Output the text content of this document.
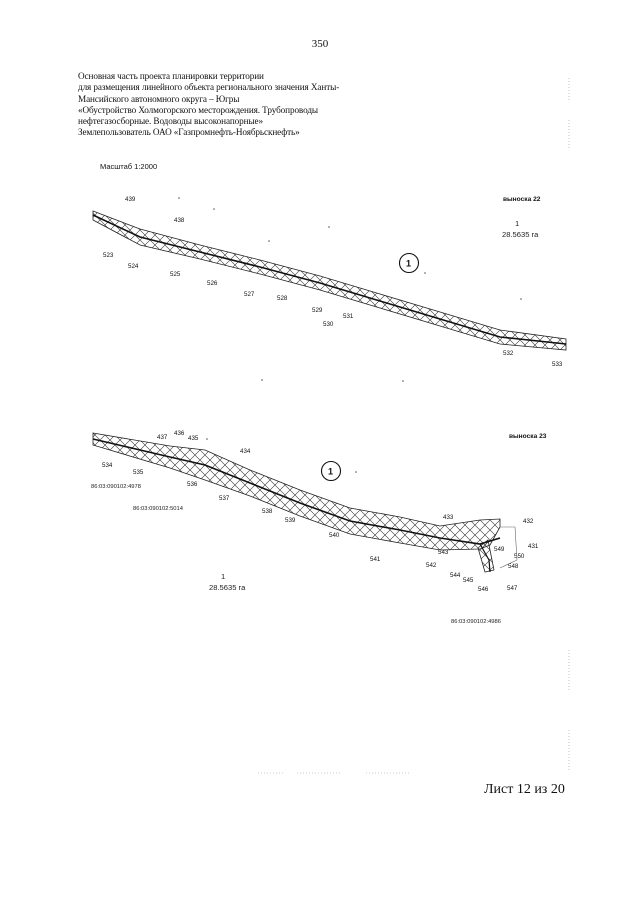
350
Основная часть проекта планировки территории
для размещения линейного объекта регионального значения Ханты-
Мансийского автономного округа – Югры
«Обустройство Холмогорского месторождения. Трубопроводы
нефтегазосборные. Водоводы высоконапорные»
Землепользователь ОАО «Газпромнефть-Ноябрьскнефть»
Масштаб 1:2000
выноска 22
1
28.5635 га
1
439
438
523
524
525
526
527
528
529
530
531
532
533
выноска 23
1
1
28.5635 га
437
436
435
434
534
535
536
537
538
539
540
541
542
543
544
545
546	547
548
549
550
433
432
431
86:03:090102:4978
86:03:090102:5014
86:03:090102:4986
Лист 12 из 20
